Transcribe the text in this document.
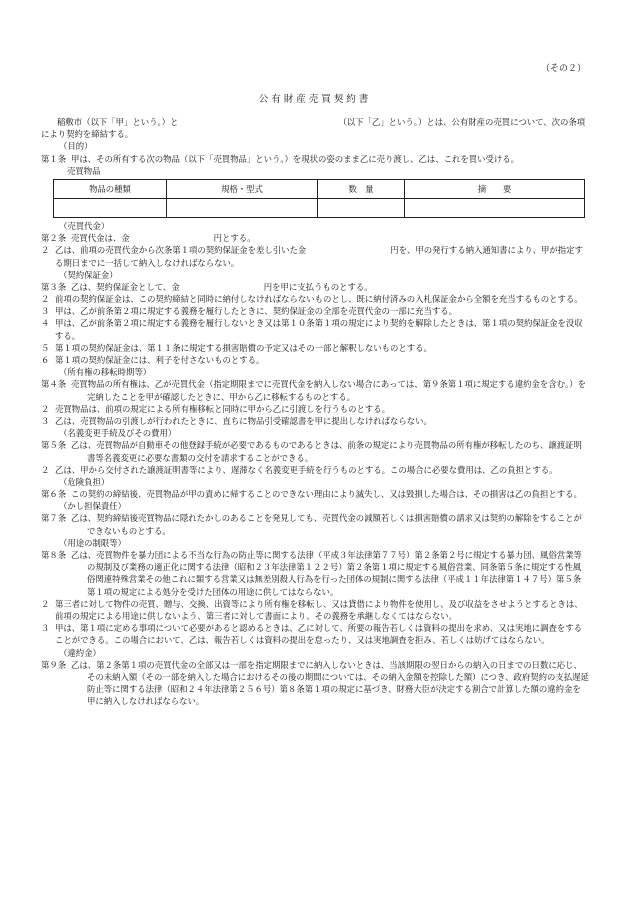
（その２）
公有財産売買契約書
稲敷市（以下「甲」という。）と	（以下「乙」という。）とは、公有財産の売買について、次の条項により契約を締結する。
（目的）
第１条 甲は、その所有する次の物品（以下「売買物品」という。）を現状の姿のまま乙に売り渡し、乙は、これを買い受ける。
売買物品
物品の種類	規格・型式	数　量	摘　　要

（売買代金）
第２条 売買代金は、金	円とする。
２ 乙は、前項の売買代金から次条第１項の契約保証金を差し引いた金	円を、甲の発行する納入通知書により、甲が指定する期日までに一括して納入しなければならない。
（契約保証金）
第３条 乙は、契約保証金として、金	円を甲に支払うものとする。
２ 前項の契約保証金は、この契約締結と同時に納付しなければならないものとし、既に納付済みの入札保証金から全額を充当するものとする。
３ 甲は、乙が前条第２項に規定する義務を履行したときに、契約保証金の全部を売買代金の一部に充当する。
４ 甲は、乙が前条第２項に規定する義務を履行しないとき又は第１０条第１項の規定により契約を解除したときは、第１項の契約保証金を没収する。
５ 第１項の契約保証金は、第１１条に規定する損害賠償の予定又はその一部と解釈しないものとする。
６ 第１項の契約保証金には、利子を付さないものとする。
（所有権の移転時期等）
第４条 売買物品の所有権は、乙が売買代金（指定期限までに売買代金を納入しない場合にあっては、第９条第１項に規定する違約金を含む。）を完納したことを甲が確認したときに、甲から乙に移転するものとする。
２ 売買物品は、前項の規定による所有権移転と同時に甲から乙に引渡しを行うものとする。
３ 乙は、売買物品の引渡しが行われたときに、直ちに物品引受確認書を甲に提出しなければならない。
（名義変更手続及びその費用）
第５条 乙は、売買物品が自動車その他登録手続が必要であるものであるときは、前条の規定により売買物品の所有権が移転したのち、譲渡証明書等名義変更に必要な書類の交付を請求することができる。
２ 乙は、甲から交付された譲渡証明書等により、遅滞なく名義変更手続を行うものとする。この場合に必要な費用は、乙の負担とする。
（危険負担）
第６条 この契約の締結後、売買物品が甲の責めに帰することのできない理由により滅失し、又は毀損した場合は、その損害は乙の負担とする。
（かし担保責任）
第７条 乙は、契約締結後売買物品に隠れたかしのあることを発見しても、売買代金の減額若しくは損害賠償の請求又は契約の解除をすることができないものとする。
（用途の制限等）
第８条 乙は、売買物件を暴力団による不当な行為の防止等に関する法律（平成３年法律第７７号）第２条第２号に規定する暴力団、風俗営業等の規制及び業務の適正化に関する法律（昭和２３年法律第１２２号）第２条第１項に規定する風俗営業、同条第５条に規定する性風俗関連特殊営業その他これに類する営業又は無差別殺人行為を行った団体の規制に関する法律（平成１１年法律第１４７号）第５条第１項の規定による処分を受けた団体の用途に供してはならない。
２ 第三者に対して物件の売買、贈与、交換、出資等により所有権を移転し、又は貸借により物件を使用し、及び収益をさせようとするときは、前項の規定による用途に供しないよう、第三者に対して書面により、その義務を承継しなくてはならない。
３ 甲は、第１項に定める事項について必要があると認めるときは、乙に対して、所要の報告若しくは資料の提出を求め、又は実地に調査をすることができる。この場合において、乙は、報告若しくは資料の提出を怠ったり、又は実地調査を拒み、若しくは妨げてはならない。
（違約金）
第９条 乙は、第２条第１項の売買代金の全部又は一部を指定期限までに納入しないときは、当該期限の翌日からの納入の日までの日数に応じ、その未納入額（その一部を納入した場合におけるその後の期間については、その納入金額を控除した額）につき、政府契約の支払遅延防止等に関する法律（昭和２４年法律第２５６号）第８条第１項の規定に基づき、財務大臣が決定する割合で計算した額の違約金を甲に納入しなければならない。
